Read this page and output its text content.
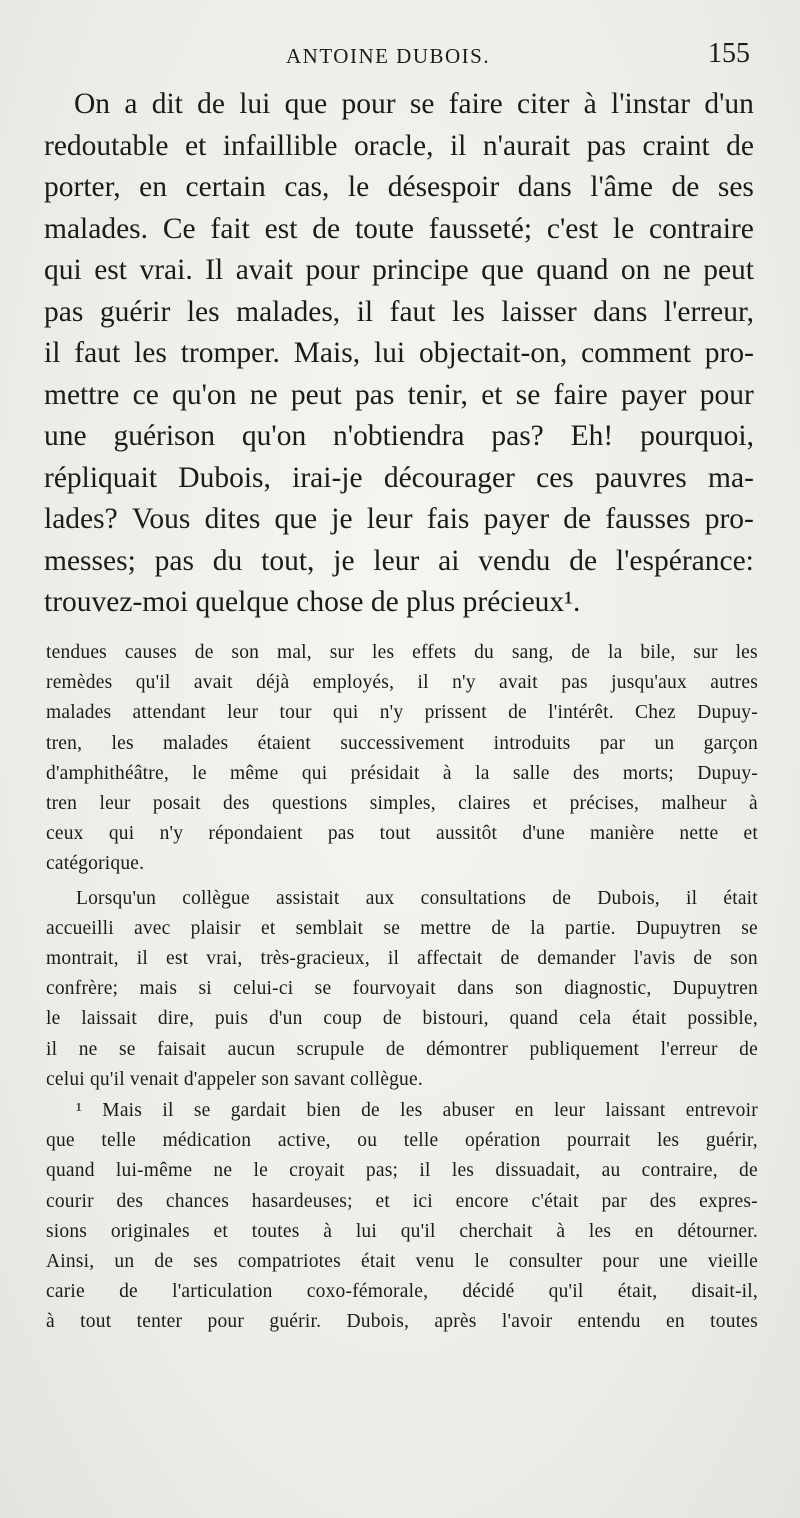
ANTOINE DUBOIS.	155
On a dit de lui que pour se faire citer à l'instar d'un
redoutable et infaillible oracle, il n'aurait pas craint de
porter, en certain cas, le désespoir dans l'âme de ses
malades. Ce fait est de toute fausseté; c'est le contraire
qui est vrai. Il avait pour principe que quand on ne peut
pas guérir les malades, il faut les laisser dans l'erreur,
il faut les tromper. Mais, lui objectait-on, comment pro-
mettre ce qu'on ne peut pas tenir, et se faire payer pour
une guérison qu'on n'obtiendra pas? Eh! pourquoi,
répliquait Dubois, irai-je décourager ces pauvres ma-
lades? Vous dites que je leur fais payer de fausses pro-
messes; pas du tout, je leur ai vendu de l'espérance:
trouvez-moi quelque chose de plus précieux¹.
tendues causes de son mal, sur les effets du sang, de la bile, sur les
remèdes qu'il avait déjà employés, il n'y avait pas jusqu'aux autres
malades attendant leur tour qui n'y prissent de l'intérêt. Chez Dupuy-
tren, les malades étaient successivement introduits par un garçon
d'amphithéâtre, le même qui présidait à la salle des morts; Dupuy-
tren leur posait des questions simples, claires et précises, malheur à
ceux qui n'y répondaient pas tout aussitôt d'une manière nette et
catégorique.
Lorsqu'un collègue assistait aux consultations de Dubois, il était
accueilli avec plaisir et semblait se mettre de la partie. Dupuytren se
montrait, il est vrai, très-gracieux, il affectait de demander l'avis de son
confrère; mais si celui-ci se fourvoyait dans son diagnostic, Dupuytren
le laissait dire, puis d'un coup de bistouri, quand cela était possible,
il ne se faisait aucun scrupule de démontrer publiquement l'erreur de
celui qu'il venait d'appeler son savant collègue.
¹ Mais il se gardait bien de les abuser en leur laissant entrevoir
que telle médication active, ou telle opération pourrait les guérir,
quand lui-même ne le croyait pas; il les dissuadait, au contraire, de
courir des chances hasardeuses; et ici encore c'était par des expres-
sions originales et toutes à lui qu'il cherchait à les en détourner.
Ainsi, un de ses compatriotes était venu le consulter pour une vieille
carie de l'articulation coxo-fémorale, décidé qu'il était, disait-il,
à tout tenter pour guérir. Dubois, après l'avoir entendu en toutes
